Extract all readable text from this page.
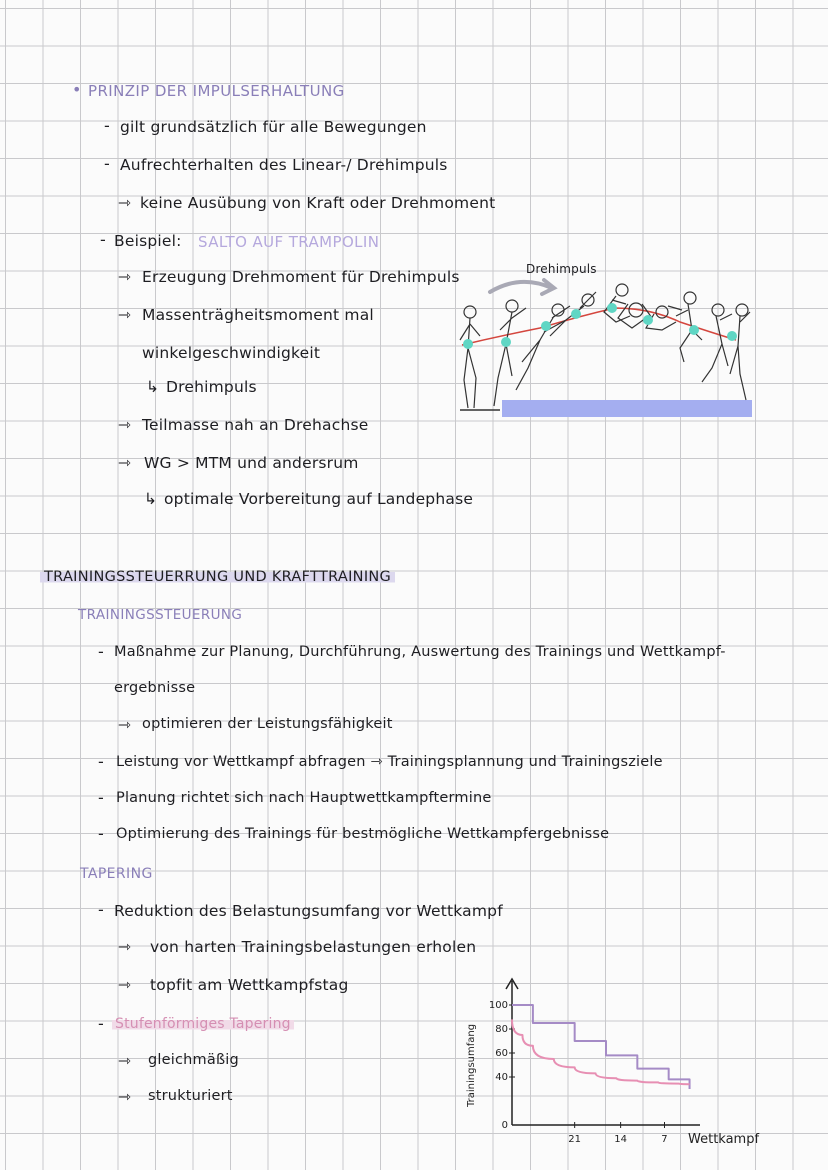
• PRINZIP DER IMPULSERHALTUNG
- gilt grundsätzlich für alle Bewegungen
- Aufrechterhalten des Linear-/ Drehimpuls
⇾ keine Ausübung von Kraft oder Drehmoment
- Beispiel: SALTO AUF TRAMPOLIN
⇾ Erzeugung Drehmoment für Drehimpuls
⇾ Massenträgheitsmoment mal
winkelgeschwindigkeit
↳ Drehimpuls
⇾ Teilmasse nah an Drehachse
⇾ WG > MTM und andersrum
↳ optimale Vorbereitung auf Landephase
Drehimpuls
TRAININGSSTEUERRUNG UND KRAFTTRAINING
TRAININGSSTEUERUNG
- Maßnahme zur Planung, Durchführung, Auswertung des Trainings und Wettkampf-
ergebnisse
⇾ optimieren der Leistungsfähigkeit
- Leistung vor Wettkampf abfragen ⇾ Trainingsplannung und Trainingsziele
- Planung richtet sich nach Hauptwettkampftermine
- Optimierung des Trainings für bestmögliche Wettkampfergebnisse
TAPERING
- Reduktion des Belastungsumfang vor Wettkampf
⇾ von harten Trainingsbelastungen erholen
⇾ topfit am Wettkampfstag
- Stufenförmiges Tapering
⇾ gleichmäßig
⇾ strukturiert	Trainingsumfang
Wettkampf
100
80
60
40
0
21	14	7
